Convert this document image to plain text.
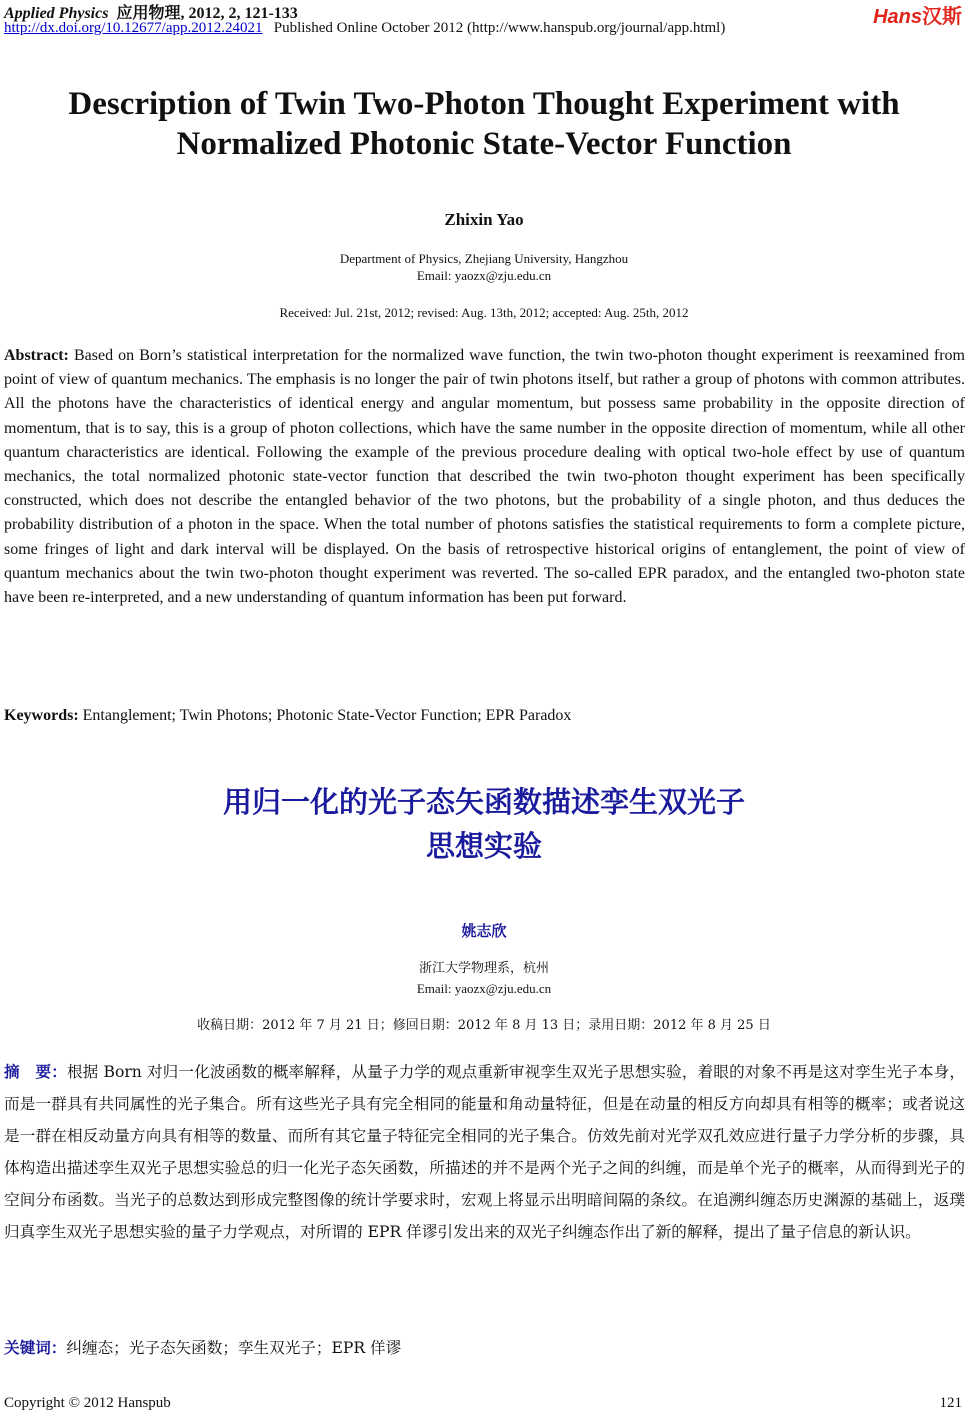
Applied Physics 应用物理, 2012, 2, 121-133
http://dx.doi.org/10.12677/app.2012.24021 Published Online October 2012 (http://www.hanspub.org/journal/app.html)	Hans汉斯
Description of Twin Two-Photon Thought Experiment with
Normalized Photonic State-Vector Function
Zhixin Yao
Department of Physics, Zhejiang University, Hangzhou
Email: yaozx@zju.edu.cn
Received: Jul. 21st, 2012; revised: Aug. 13th, 2012; accepted: Aug. 25th, 2012
Abstract: Based on Born’s statistical interpretation for the normalized wave function, the twin two-photon thought experiment is reexamined from point of view of quantum mechanics. The emphasis is no longer the pair of twin photons itself, but rather a group of photons with common attributes. All the photons have the characteristics of identical energy and angular momentum, but possess same probability in the opposite direction of momentum, that is to say, this is a group of photon collections, which have the same number in the opposite direction of momentum, while all other quantum characteristics are identical. Following the example of the previous procedure dealing with optical two-hole effect by use of quantum mechanics, the total normalized photonic state-vector function that described the twin two-photon thought experiment has been specifically constructed, which does not describe the entangled behavior of the two photons, but the probability of a single photon, and thus deduces the probability distribution of a photon in the space. When the total number of photons satisfies the statistical requirements to form a complete picture, some fringes of light and dark interval will be displayed. On the basis of retrospective historical origins of entanglement, the point of view of quantum mechanics about the twin two-photon thought experiment was reverted. The so-called EPR paradox, and the entangled two-photon state have been re-interpreted, and a new understanding of quantum information has been put forward.
Keywords: Entanglement; Twin Photons; Photonic State-Vector Function; EPR Paradox
用归一化的光子态矢函数描述孪生双光子
思想实验
姚志欣
浙江大学物理系，杭州
Email: yaozx@zju.edu.cn
收稿日期：2012 年 7 月 21 日；修回日期：2012 年 8 月 13 日；录用日期：2012 年 8 月 25 日
摘　要：根据 Born 对归一化波函数的概率解释，从量子力学的观点重新审视孪生双光子思想实验，着眼的对象不再是这对孪生光子本身，而是一群具有共同属性的光子集合。所有这些光子具有完全相同的能量和角动量特征，但是在动量的相反方向却具有相等的概率；或者说这是一群在相反动量方向具有相等的数量、而所有其它量子特征完全相同的光子集合。仿效先前对光学双孔效应进行量子力学分析的步骤，具体构造出描述孪生双光子思想实验总的归一化光子态矢函数，所描述的并不是两个光子之间的纠缠，而是单个光子的概率，从而得到光子的空间分布函数。当光子的总数达到形成完整图像的统计学要求时，宏观上将显示出明暗间隔的条纹。在追溯纠缠态历史渊源的基础上，返璞归真孪生双光子思想实验的量子力学观点，对所谓的 EPR 佯谬引发出来的双光子纠缠态作出了新的解释，提出了量子信息的新认识。
关键词：纠缠态；光子态矢函数；孪生双光子；EPR 佯谬
Copyright © 2012 Hanspub	121
